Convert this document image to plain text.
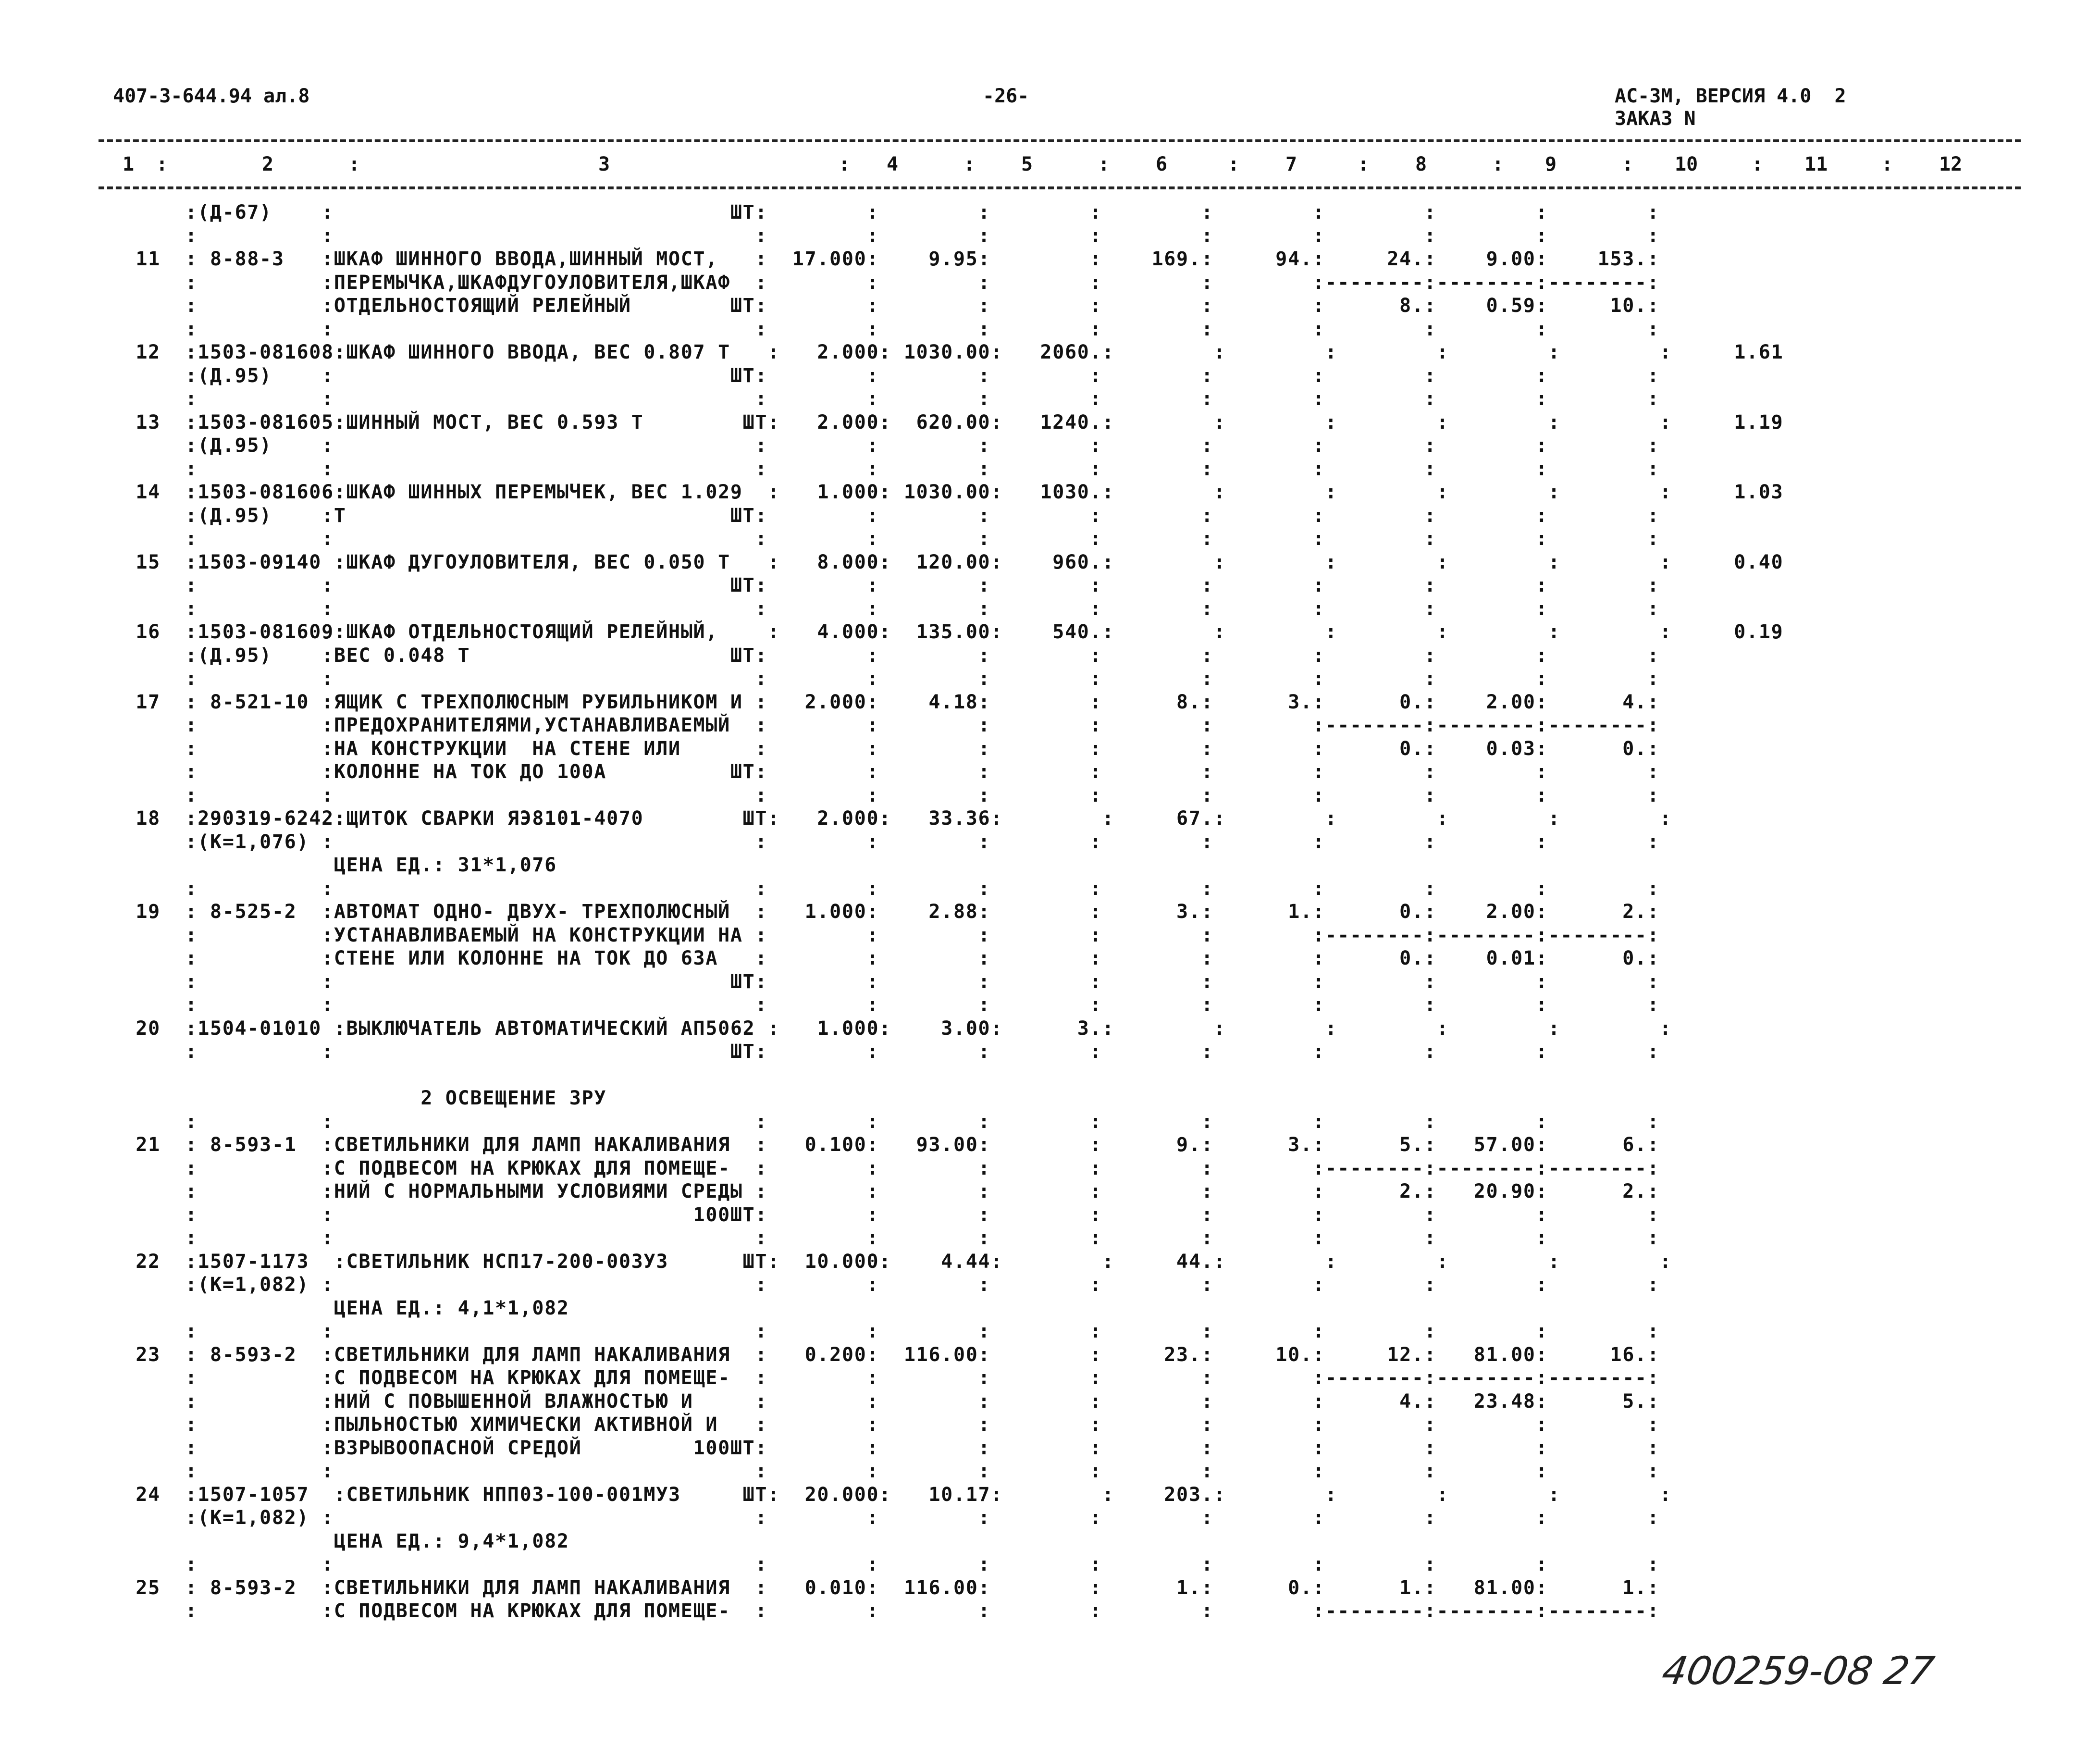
407-3-644.94 ал.8	-26-	АС-3М, ВЕРСИЯ 4.0  2
ЗАКАЗ N
1	2	3	4	5	6	7	8	9	10	11	12
:	:	:	:	:	:	:	:	:	:	:
:(Д-67)    :                                ШТ:        :        :        :        :        :        :        :        :
:          :                                  :        :        :        :        :        :        :        :        :
11  : 8-88-3   :ШКАФ ШИННОГО ВВОДА,ШИННЫЙ МОСТ,   :  17.000:    9.95:        :    169.:     94.:     24.:    9.00:    153.:
:          :ПЕРЕМЫЧКА,ШКАФДУГОУЛОВИТЕЛЯ,ШКАФ  :        :        :        :        :        :--------:--------:--------:
:          :ОТДЕЛЬНОСТОЯЩИЙ РЕЛЕЙНЫЙ        ШТ:        :        :        :        :        :      8.:    0.59:     10.:
:          :                                  :        :        :        :        :        :        :        :        :
12  :1503-081608:ШКАФ ШИННОГО ВВОДА, ВЕС 0.807 Т   :   2.000: 1030.00:   2060.:        :        :        :        :        :     1.61
:(Д.95)    :                                ШТ:        :        :        :        :        :        :        :        :
:          :                                  :        :        :        :        :        :        :        :        :
13  :1503-081605:ШИННЫЙ МОСТ, ВЕС 0.593 Т        ШТ:   2.000:  620.00:   1240.:        :        :        :        :        :     1.19
:(Д.95)    :                                  :        :        :        :        :        :        :        :        :
:          :                                  :        :        :        :        :        :        :        :        :
14  :1503-081606:ШКАФ ШИННЫХ ПЕРЕМЫЧЕК, ВЕС 1.029  :   1.000: 1030.00:   1030.:        :        :        :        :        :     1.03
:(Д.95)    :Т                               ШТ:        :        :        :        :        :        :        :        :
:          :                                  :        :        :        :        :        :        :        :        :
15  :1503-09140 :ШКАФ ДУГОУЛОВИТЕЛЯ, ВЕС 0.050 Т   :   8.000:  120.00:    960.:        :        :        :        :        :     0.40
:          :                                ШТ:        :        :        :        :        :        :        :        :
:          :                                  :        :        :        :        :        :        :        :        :
16  :1503-081609:ШКАФ ОТДЕЛЬНОСТОЯЩИЙ РЕЛЕЙНЫЙ,    :   4.000:  135.00:    540.:        :        :        :        :        :     0.19
:(Д.95)    :ВЕС 0.048 Т                     ШТ:        :        :        :        :        :        :        :        :
:          :                                  :        :        :        :        :        :        :        :        :
17  : 8-521-10 :ЯЩИК С ТРЕХПОЛЮСНЫМ РУБИЛЬНИКОМ И :   2.000:    4.18:        :      8.:      3.:      0.:    2.00:      4.:
:          :ПРЕДОХРАНИТЕЛЯМИ,УСТАНАВЛИВАЕМЫЙ  :        :        :        :        :        :--------:--------:--------:
:          :НА КОНСТРУКЦИИ  НА СТЕНЕ ИЛИ      :        :        :        :        :        :      0.:    0.03:      0.:
:          :КОЛОННЕ НА ТОК ДО 100А          ШТ:        :        :        :        :        :        :        :        :
:          :                                  :        :        :        :        :        :        :        :        :
18  :290319-6242:ЩИТОК СВАРКИ ЯЭ8101-4070        ШТ:   2.000:   33.36:        :     67.:        :        :        :        :
:(К=1,076) :                                  :        :        :        :        :        :        :        :        :
ЦЕНА ЕД.: 31*1,076
:          :                                  :        :        :        :        :        :        :        :        :
19  : 8-525-2  :АВТОМАТ ОДНО- ДВУХ- ТРЕХПОЛЮСНЫЙ  :   1.000:    2.88:        :      3.:      1.:      0.:    2.00:      2.:
:          :УСТАНАВЛИВАЕМЫЙ НА КОНСТРУКЦИИ НА :        :        :        :        :        :--------:--------:--------:
:          :СТЕНЕ ИЛИ КОЛОННЕ НА ТОК ДО 63А   :        :        :        :        :        :      0.:    0.01:      0.:
:          :                                ШТ:        :        :        :        :        :        :        :        :
:          :                                  :        :        :        :        :        :        :        :        :
20  :1504-01010 :ВЫКЛЮЧАТЕЛЬ АВТОМАТИЧЕСКИЙ АП5062 :   1.000:    3.00:      3.:        :        :        :        :        :
:          :                                ШТ:        :        :        :        :        :        :        :        :
2 ОСВЕЩЕНИЕ ЗРУ
:          :                                  :        :        :        :        :        :        :        :        :
21  : 8-593-1  :СВЕТИЛЬНИКИ ДЛЯ ЛАМП НАКАЛИВАНИЯ  :   0.100:   93.00:        :      9.:      3.:      5.:   57.00:      6.:
:          :С ПОДВЕСОМ НА КРЮКАХ ДЛЯ ПОМЕЩЕ-  :        :        :        :        :        :--------:--------:--------:
:          :НИЙ С НОРМАЛЬНЫМИ УСЛОВИЯМИ СРЕДЫ :        :        :        :        :        :      2.:   20.90:      2.:
:          :                             100ШТ:        :        :        :        :        :        :        :        :
:          :                                  :        :        :        :        :        :        :        :        :
22  :1507-1173  :СВЕТИЛЬНИК НСП17-200-003УЗ      ШТ:  10.000:    4.44:        :     44.:        :        :        :        :
:(К=1,082) :                                  :        :        :        :        :        :        :        :        :
ЦЕНА ЕД.: 4,1*1,082
:          :                                  :        :        :        :        :        :        :        :        :
23  : 8-593-2  :СВЕТИЛЬНИКИ ДЛЯ ЛАМП НАКАЛИВАНИЯ  :   0.200:  116.00:        :     23.:     10.:     12.:   81.00:     16.:
:          :С ПОДВЕСОМ НА КРЮКАХ ДЛЯ ПОМЕЩЕ-  :        :        :        :        :        :--------:--------:--------:
:          :НИЙ С ПОВЫШЕННОЙ ВЛАЖНОСТЬЮ И     :        :        :        :        :        :      4.:   23.48:      5.:
:          :ПЫЛЬНОСТЬЮ ХИМИЧЕСКИ АКТИВНОЙ И   :        :        :        :        :        :        :        :        :
:          :ВЗРЫВООПАСНОЙ СРЕДОЙ         100ШТ:        :        :        :        :        :        :        :        :
:          :                                  :        :        :        :        :        :        :        :        :
24  :1507-1057  :СВЕТИЛЬНИК НПП03-100-001МУЗ     ШТ:  20.000:   10.17:        :    203.:        :        :        :        :
:(К=1,082) :                                  :        :        :        :        :        :        :        :        :
ЦЕНА ЕД.: 9,4*1,082
:          :                                  :        :        :        :        :        :        :        :        :
25  : 8-593-2  :СВЕТИЛЬНИКИ ДЛЯ ЛАМП НАКАЛИВАНИЯ  :   0.010:  116.00:        :      1.:      0.:      1.:   81.00:      1.:
:          :С ПОДВЕСОМ НА КРЮКАХ ДЛЯ ПОМЕЩЕ-  :        :        :        :        :        :--------:--------:--------:
400259-08 27
